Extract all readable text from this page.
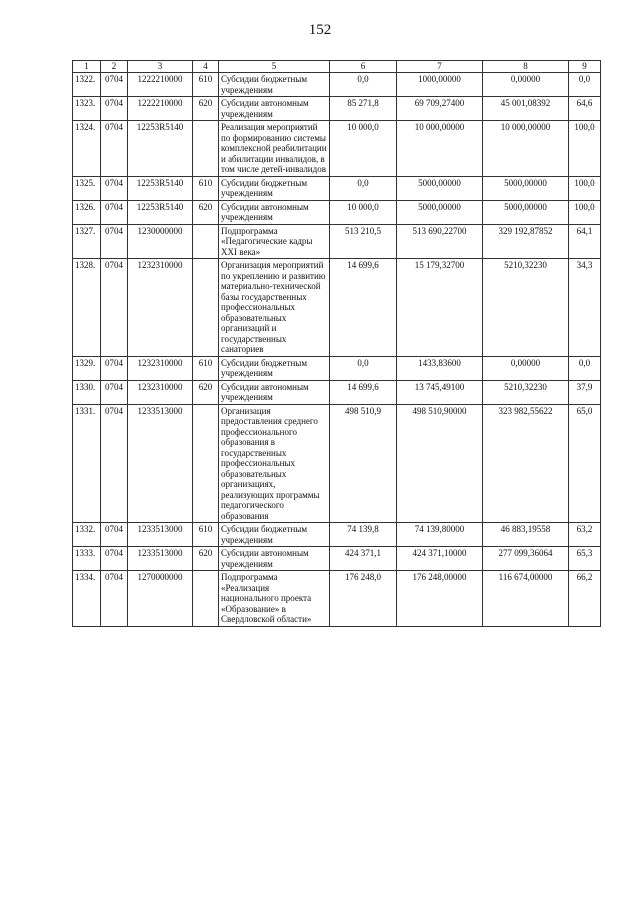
152
1	2	3	4	5	6	7	8	9
1322.	0704	1222210000	610	Субсидии бюджетным учреждениям	0,0	1000,00000	0,00000	0,0
1323.	0704	1222210000	620	Субсидии автономным учреждениям	85 271,8	69 709,27400	45 001,08392	64,6
1324.	0704	12253R5140		Реализация мероприятий по формированию системы комплексной реабилитации и абилитации инвалидов, в том числе детей-инвалидов	10 000,0	10 000,00000	10 000,00000	100,0
1325.	0704	12253R5140	610	Субсидии бюджетным учреждениям	0,0	5000,00000	5000,00000	100,0
1326.	0704	12253R5140	620	Субсидии автономным учреждениям	10 000,0	5000,00000	5000,00000	100,0
1327.	0704	1230000000		Подпрограмма «Педагогические кадры XXI века»	513 210,5	513 690,22700	329 192,87852	64,1
1328.	0704	1232310000		Организация мероприятий по укреплению и развитию материально-технической базы государственных профессиональных образовательных организаций и государственных санаториев	14 699,6	15 179,32700	5210,32230	34,3
1329.	0704	1232310000	610	Субсидии бюджетным учреждениям	0,0	1433,83600	0,00000	0,0
1330.	0704	1232310000	620	Субсидии автономным учреждениям	14 699,6	13 745,49100	5210,32230	37,9
1331.	0704	1233513000		Организация предоставления среднего профессионального образования в государственных профессиональных образовательных организациях, реализующих программы педагогического образования	498 510,9	498 510,90000	323 982,55622	65,0
1332.	0704	1233513000	610	Субсидии бюджетным учреждениям	74 139,8	74 139,80000	46 883,19558	63,2
1333.	0704	1233513000	620	Субсидии автономным учреждениям	424 371,1	424 371,10000	277 099,36064	65,3
1334.	0704	1270000000		Подпрограмма «Реализация национального проекта «Образование» в Свердловской области»	176 248,0	176 248,00000	116 674,00000	66,2
